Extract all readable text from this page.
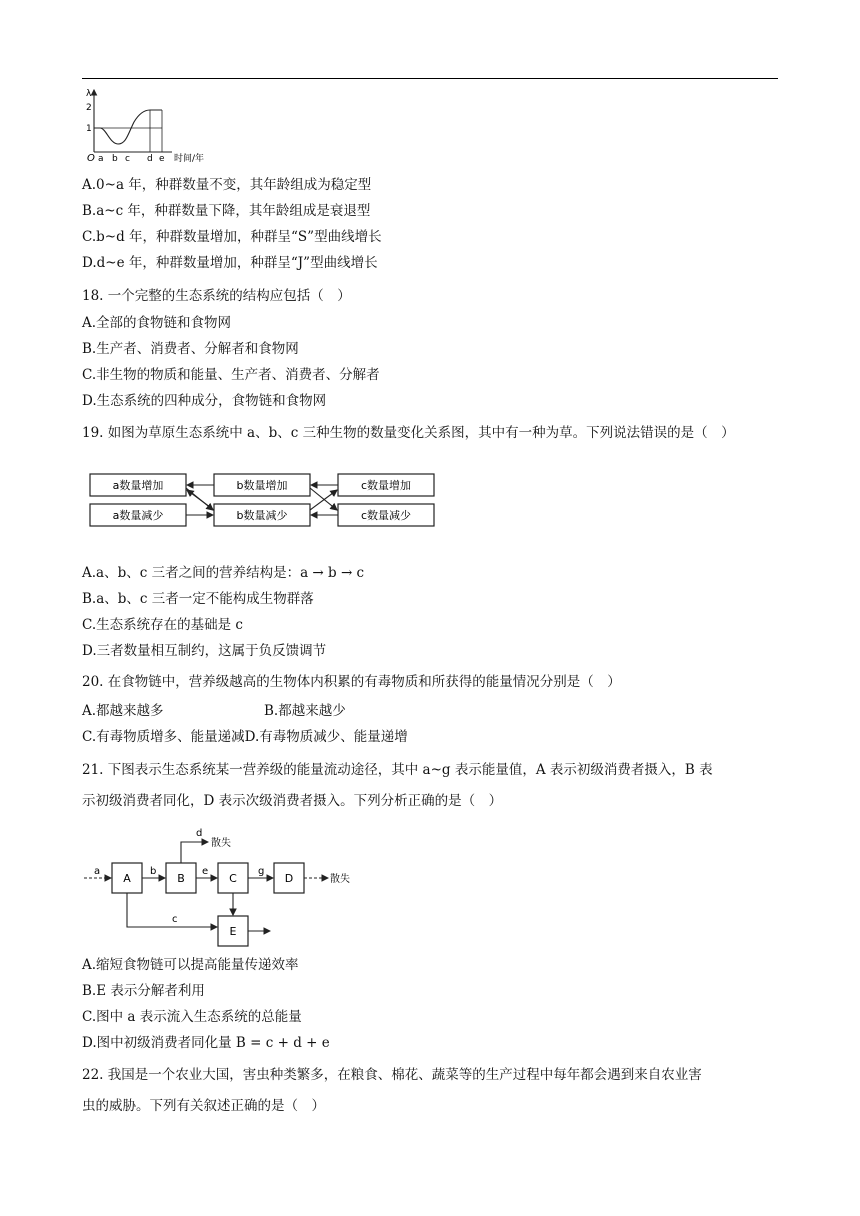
λ
2
1
O a b c d e 时间/年
A.0~a 年，种群数量不变，其年龄组成为稳定型
B.a~c 年，种群数量下降，其年龄组成是衰退型
C.b~d 年，种群数量增加，种群呈“S”型曲线增长
D.d~e 年，种群数量增加，种群呈“J”型曲线增长
18. 一个完整的生态系统的结构应包括（　）
A.全部的食物链和食物网
B.生产者、消费者、分解者和食物网
C.非生物的物质和能量、生产者、消费者、分解者
D.生态系统的四种成分，食物链和食物网
19. 如图为草原生态系统中 a、b、c 三种生物的数量变化关系图，其中有一种为草。下列说法错误的是（　）
a数量增加	b数量增加	c数量增加
a数量减少	b数量减少	c数量减少
A.a、b、c 三者之间的营养结构是：a → b → c
B.a、b、c 三者一定不能构成生物群落
C.生态系统存在的基础是 c
D.三者数量相互制约，这属于负反馈调节
20. 在食物链中，营养级越高的生物体内积累的有毒物质和所获得的能量情况分别是（　）
A.都越来越多	B.都越来越少
C.有毒物质增多、能量递减D.有毒物质减少、能量递增
21. 下图表示生态系统某一营养级的能量流动途径，其中 a~g 表示能量值，A 表示初级消费者摄入，B 表
示初级消费者同化，D 表示次级消费者摄入。下列分析正确的是（　）
A	B	C	D
E
a	b	e	g
散失
d
散失
c
A.缩短食物链可以提高能量传递效率
B.E 表示分解者利用
C.图中 a 表示流入生态系统的总能量
D.图中初级消费者同化量 B = c + d + e
22. 我国是一个农业大国，害虫种类繁多，在粮食、棉花、蔬菜等的生产过程中每年都会遇到来自农业害
虫的威胁。下列有关叙述正确的是（　）
